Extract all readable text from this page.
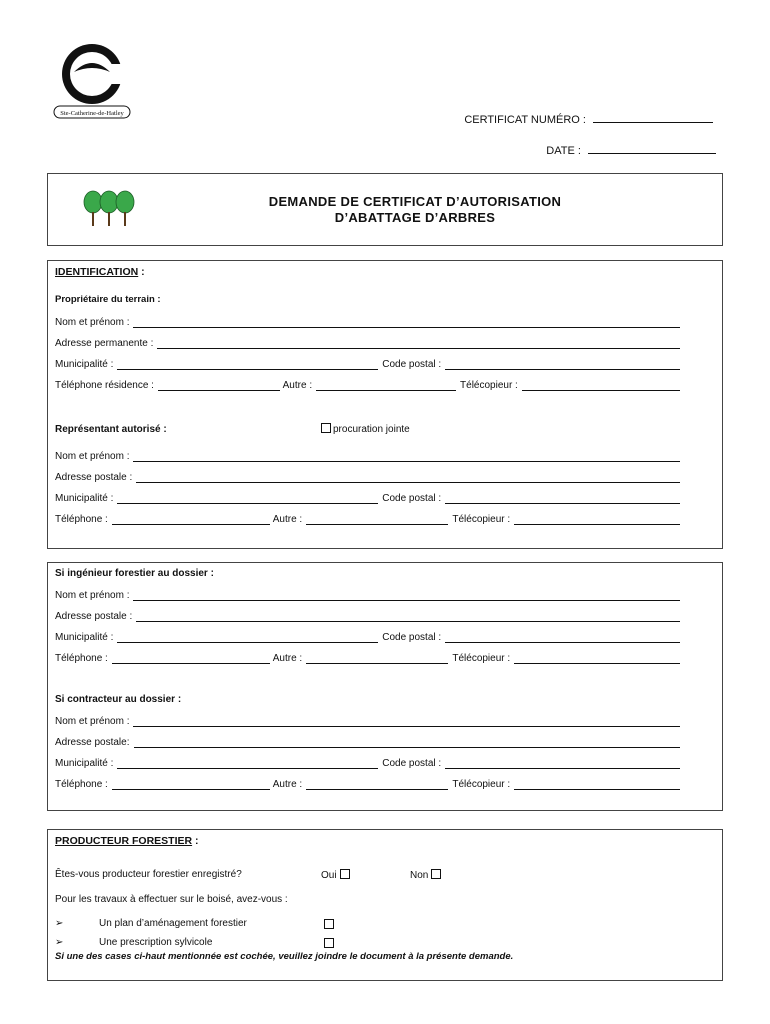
Ste-Catherine-de-Hatley
CERTIFICAT NUMÉRO :
DATE :
DEMANDE DE CERTIFICAT D’AUTORISATION
D’ABATTAGE D’ARBRES
IDENTIFICATION :
Propriétaire du terrain :
Nom et prénom :
Adresse permanente :
Municipalité :	Code postal :
Téléphone résidence :	Autre :	Télécopieur :
Représentant autorisé :	procuration jointe
Nom et prénom :
Adresse postale :
Municipalité :	Code postal :
Téléphone :	Autre :	Télécopieur :
Si ingénieur forestier au dossier :
Nom et prénom :
Adresse postale :
Municipalité :	Code postal :
Téléphone :	Autre :	Télécopieur :
Si contracteur au dossier :
Nom et prénom :
Adresse postale:
Municipalité :	Code postal :
Téléphone :	Autre :	Télécopieur :
PRODUCTEUR FORESTIER :
Êtes-vous producteur forestier enregistré?	Oui	Non
Pour les travaux à effectuer sur le boisé, avez-vous :
➢	Un plan d’aménagement forestier
➢	Une prescription sylvicole
Si une des cases ci-haut mentionnée est cochée, veuillez joindre le document à la présente demande.
